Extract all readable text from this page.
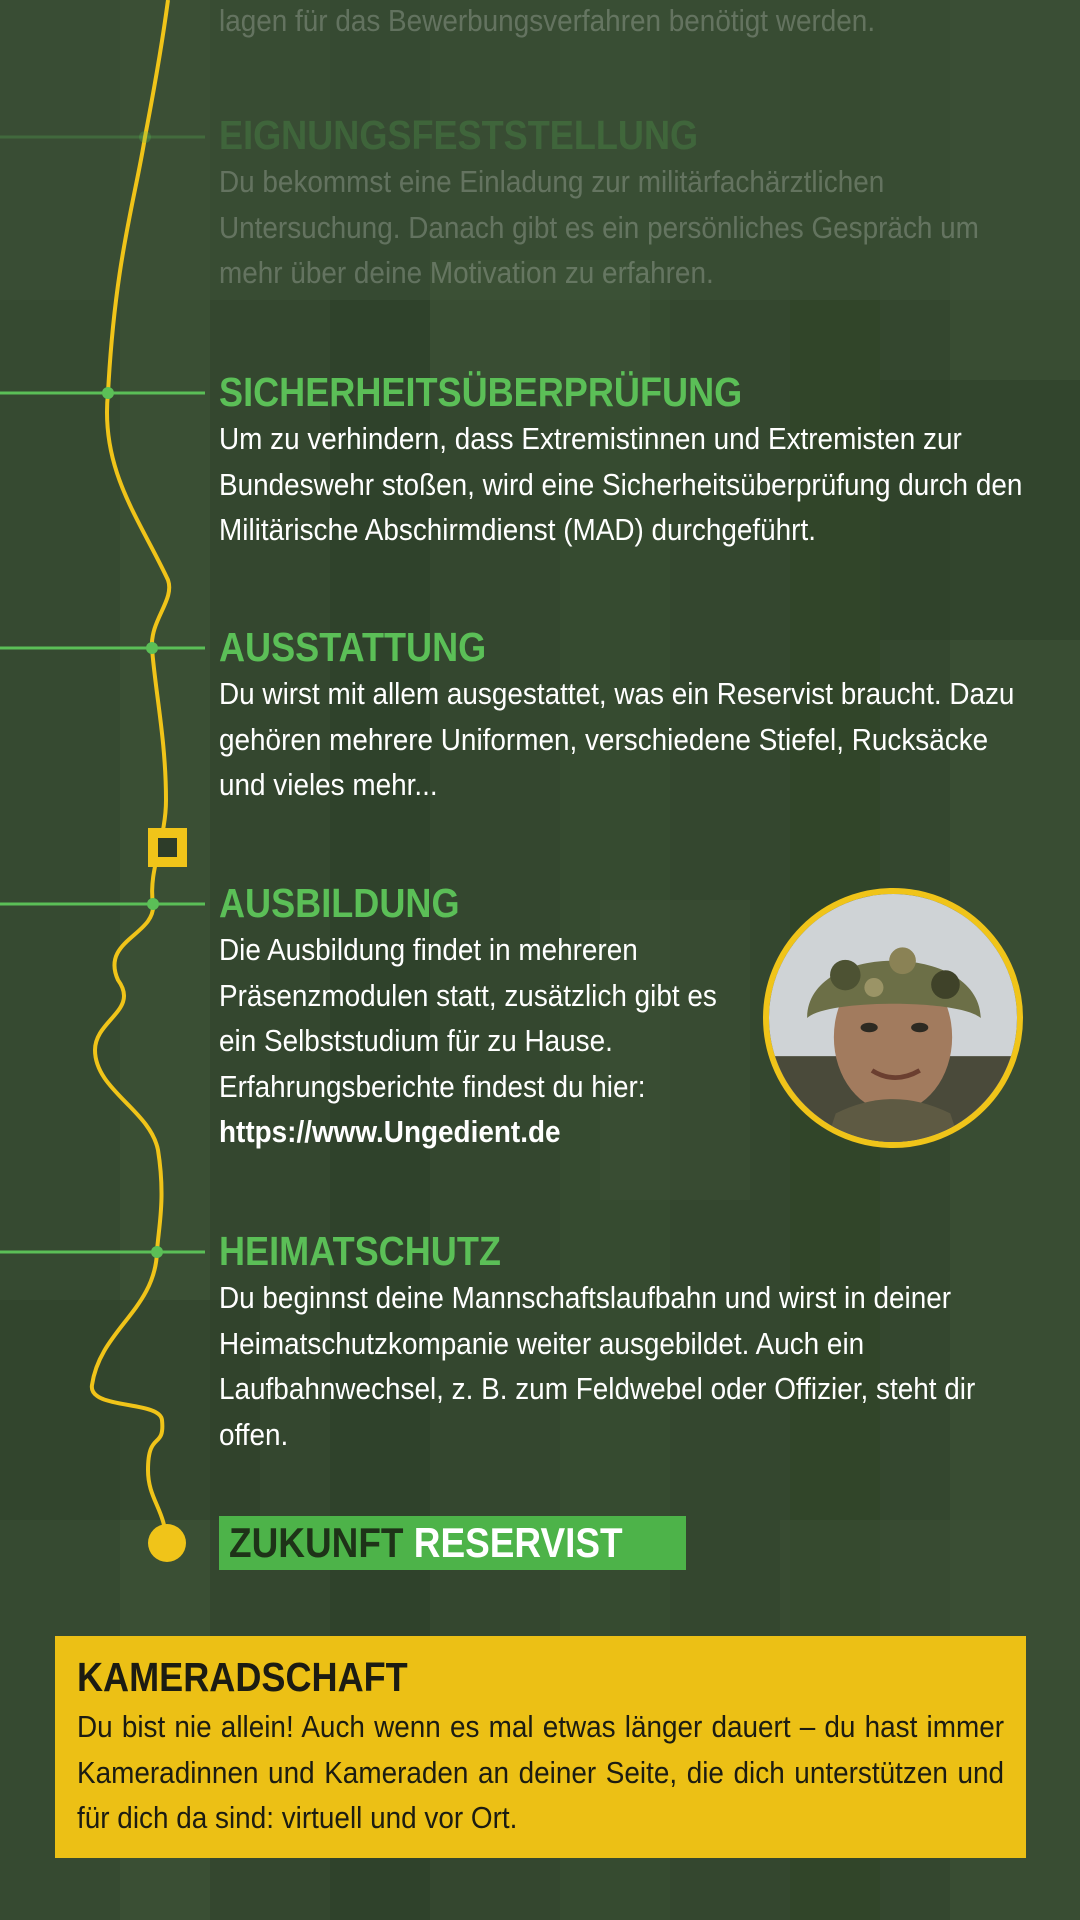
lagen für das Bewerbungsverfahren benötigt werden.

EIGNUNGSFESTSTELLUNG

Du bekommst eine Einladung zur militärfachärztlichen Untersuchung. Danach gibt es ein persönliches Gespräch um mehr über deine Motivation zu erfahren.

SICHERHEITSÜBERPRÜFUNG

Um zu verhindern, dass Extremistinnen und Extremisten zur Bundeswehr stoßen, wird eine Sicherheitsüberprüfung durch den Militärische Abschirmdienst (MAD) durchgeführt.

AUSSTATTUNG

Du wirst mit allem ausgestattet, was ein Reservist braucht. Dazu gehören mehrere Uniformen, verschiedene Stiefel, Rucksäcke und vieles mehr...

AUSBILDUNG

Die Ausbildung findet in mehreren Präsenzmodulen statt, zusätzlich gibt es ein Selbststudium für zu Hause. Erfahrungsberichte findest du hier:
https://www.Ungedient.de

HEIMATSCHUTZ

Du beginnst deine Mannschaftslaufbahn und wirst in deiner Heimatschutzkompanie weiter ausgebildet. Auch ein Laufbahnwechsel, z. B. zum Feldwebel oder Offizier, steht dir offen.

ZUKUNFT RESERVIST
KAMERADSCHAFT

Du bist nie allein! Auch wenn es mal etwas länger dauert – du hast immer Kameradinnen und Kameraden an deiner Seite, die dich unterstützen und für dich da sind: virtuell und vor Ort.
